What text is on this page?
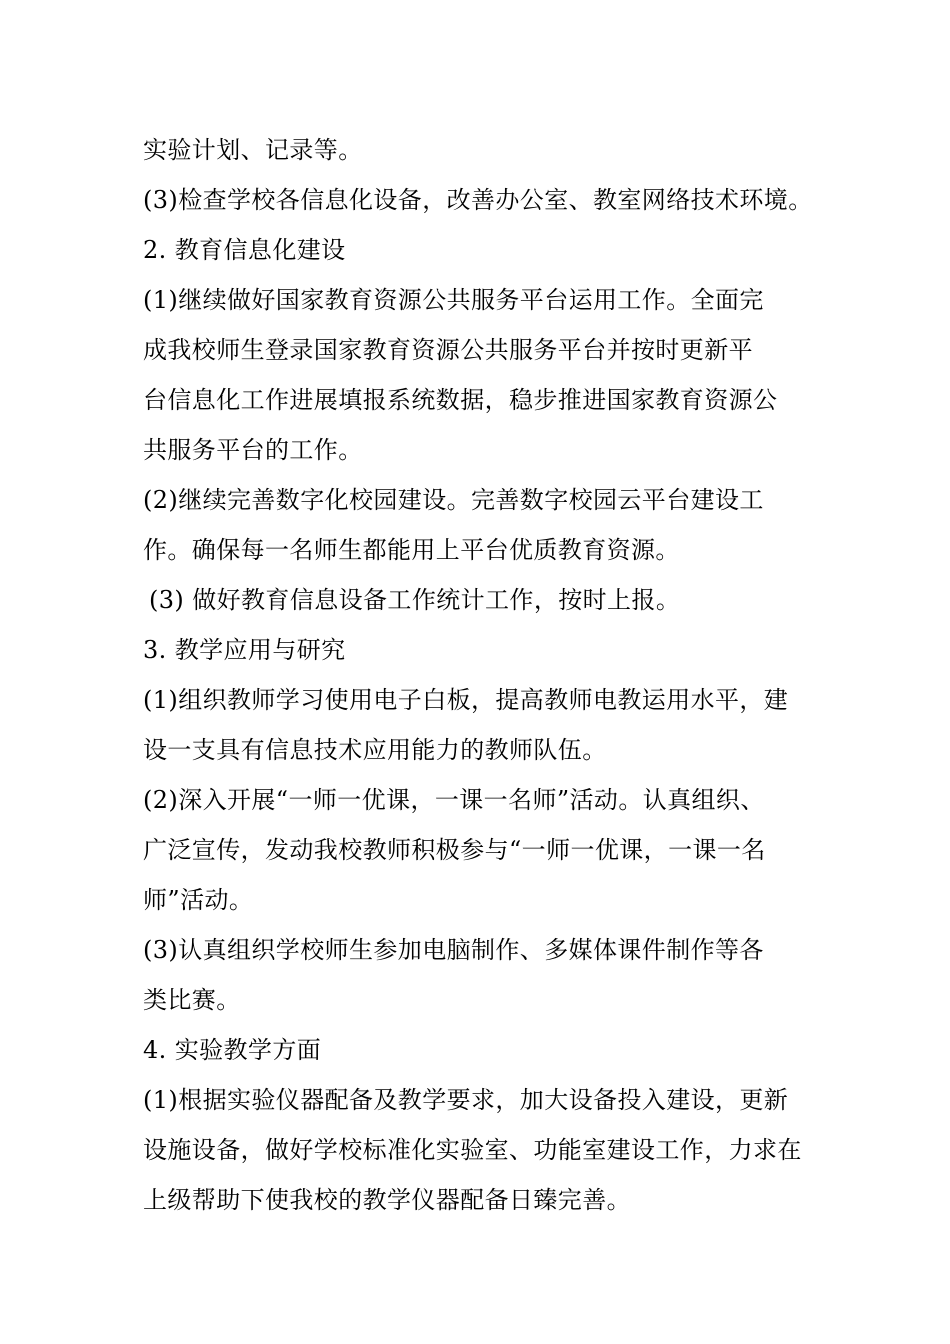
实验计划、记录等。
(3)检查学校各信息化设备，改善办公室、教室网络技术环境。
2. 教育信息化建设
(1)继续做好国家教育资源公共服务平台运用工作。全面完
成我校师生登录国家教育资源公共服务平台并按时更新平
台信息化工作进展填报系统数据，稳步推进国家教育资源公
共服务平台的工作。
(2)继续完善数字化校园建设。完善数字校园云平台建设工
作。确保每一名师生都能用上平台优质教育资源。
(3) 做好教育信息设备工作统计工作，按时上报。
3. 教学应用与研究
(1)组织教师学习使用电子白板，提高教师电教运用水平，建
设一支具有信息技术应用能力的教师队伍。
(2)深入开展“一师一优课，一课一名师”活动。认真组织、
广泛宣传，发动我校教师积极参与“一师一优课，一课一名
师”活动。
(3)认真组织学校师生参加电脑制作、多媒体课件制作等各
类比赛。
4. 实验教学方面
(1)根据实验仪器配备及教学要求，加大设备投入建设，更新
设施设备，做好学校标准化实验室、功能室建设工作，力求在
上级帮助下使我校的教学仪器配备日臻完善。
